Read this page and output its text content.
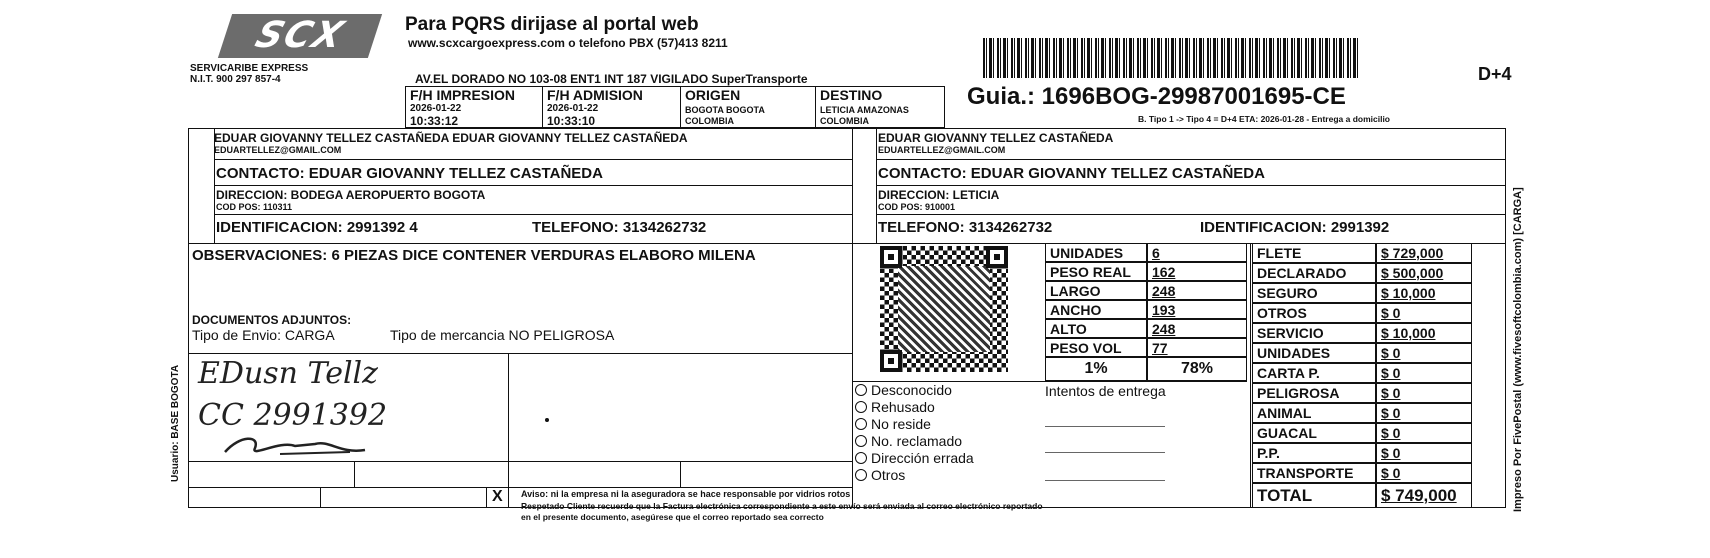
SCX
SERVICARIBE EXPRESS
N.I.T. 900 297 857-4
Para PQRS dirijase al portal web
www.scxcargoexpress.com o telefono PBX (57)413 8211
AV.EL DORADO NO 103-08 ENT1 INT 187 VIGILADO SuperTransporte	D+4
Guia.: 1696BOG-29987001695-CE
B. Tipo 1 -> Tipo 4 = D+4 ETA: 2026-01-28 - Entrega a domicilio
F/H IMPRESION
2026-01-22
10:33:12
F/H ADMISION
2026-01-22
10:33:10
ORIGEN
BOGOTA BOGOTA
COLOMBIA
DESTINO
LETICIA AMAZONAS
COLOMBIA
EDUAR GIOVANNY TELLEZ CASTAÑEDA EDUAR GIOVANNY TELLEZ CASTAÑEDA
EDUARTELLEZ@GMAIL.COM
CONTACTO: EDUAR GIOVANNY TELLEZ CASTAÑEDA
DIRECCION: BODEGA AEROPUERTO BOGOTA
COD POS: 110311
IDENTIFICACION: 2991392 4	TELEFONO: 3134262732
EDUAR GIOVANNY TELLEZ CASTAÑEDA
EDUARTELLEZ@GMAIL.COM
CONTACTO: EDUAR GIOVANNY TELLEZ CASTAÑEDA
DIRECCION: LETICIA
COD POS: 910001
TELEFONO: 3134262732	IDENTIFICACION: 2991392
OBSERVACIONES: 6 PIEZAS DICE CONTENER VERDURAS ELABORO MILENA
DOCUMENTOS ADJUNTOS:
Tipo de Envio: CARGA	Tipo de mercancia NO PELIGROSA
EDusn Tellz
CC 2991392
X Aviso: ni la empresa ni la aseguradora se hace responsable por vidrios rotos
Respetado Cliente recuerde que la Factura electrónica correspondiente a este envío será enviada al correo electrónico reportado
en el presente documento, asegúrese que el correo reportado sea correcto
UNIDADES	6
PESO REAL	162
LARGO	248
ANCHO	193
ALTO	248
PESO VOL	77
1%	78%
Desconocido
Rehusado
No reside
No. reclamado
Dirección errada
Otros
Intentos de entrega
FLETE	$ 729,000
DECLARADO	$ 500,000
SEGURO	$ 10,000
OTROS	$ 0
SERVICIO	$ 10,000
UNIDADES	$ 0
CARTA P.	$ 0
PELIGROSA	$ 0
ANIMAL	$ 0
GUACAL	$ 0
P.P.	$ 0
TRANSPORTE	$ 0
TOTAL	$ 749,000
Usuario: BASE BOGOTA	Impreso Por FivePostal (www.fivesoftcolombia.com) [CARGA]
